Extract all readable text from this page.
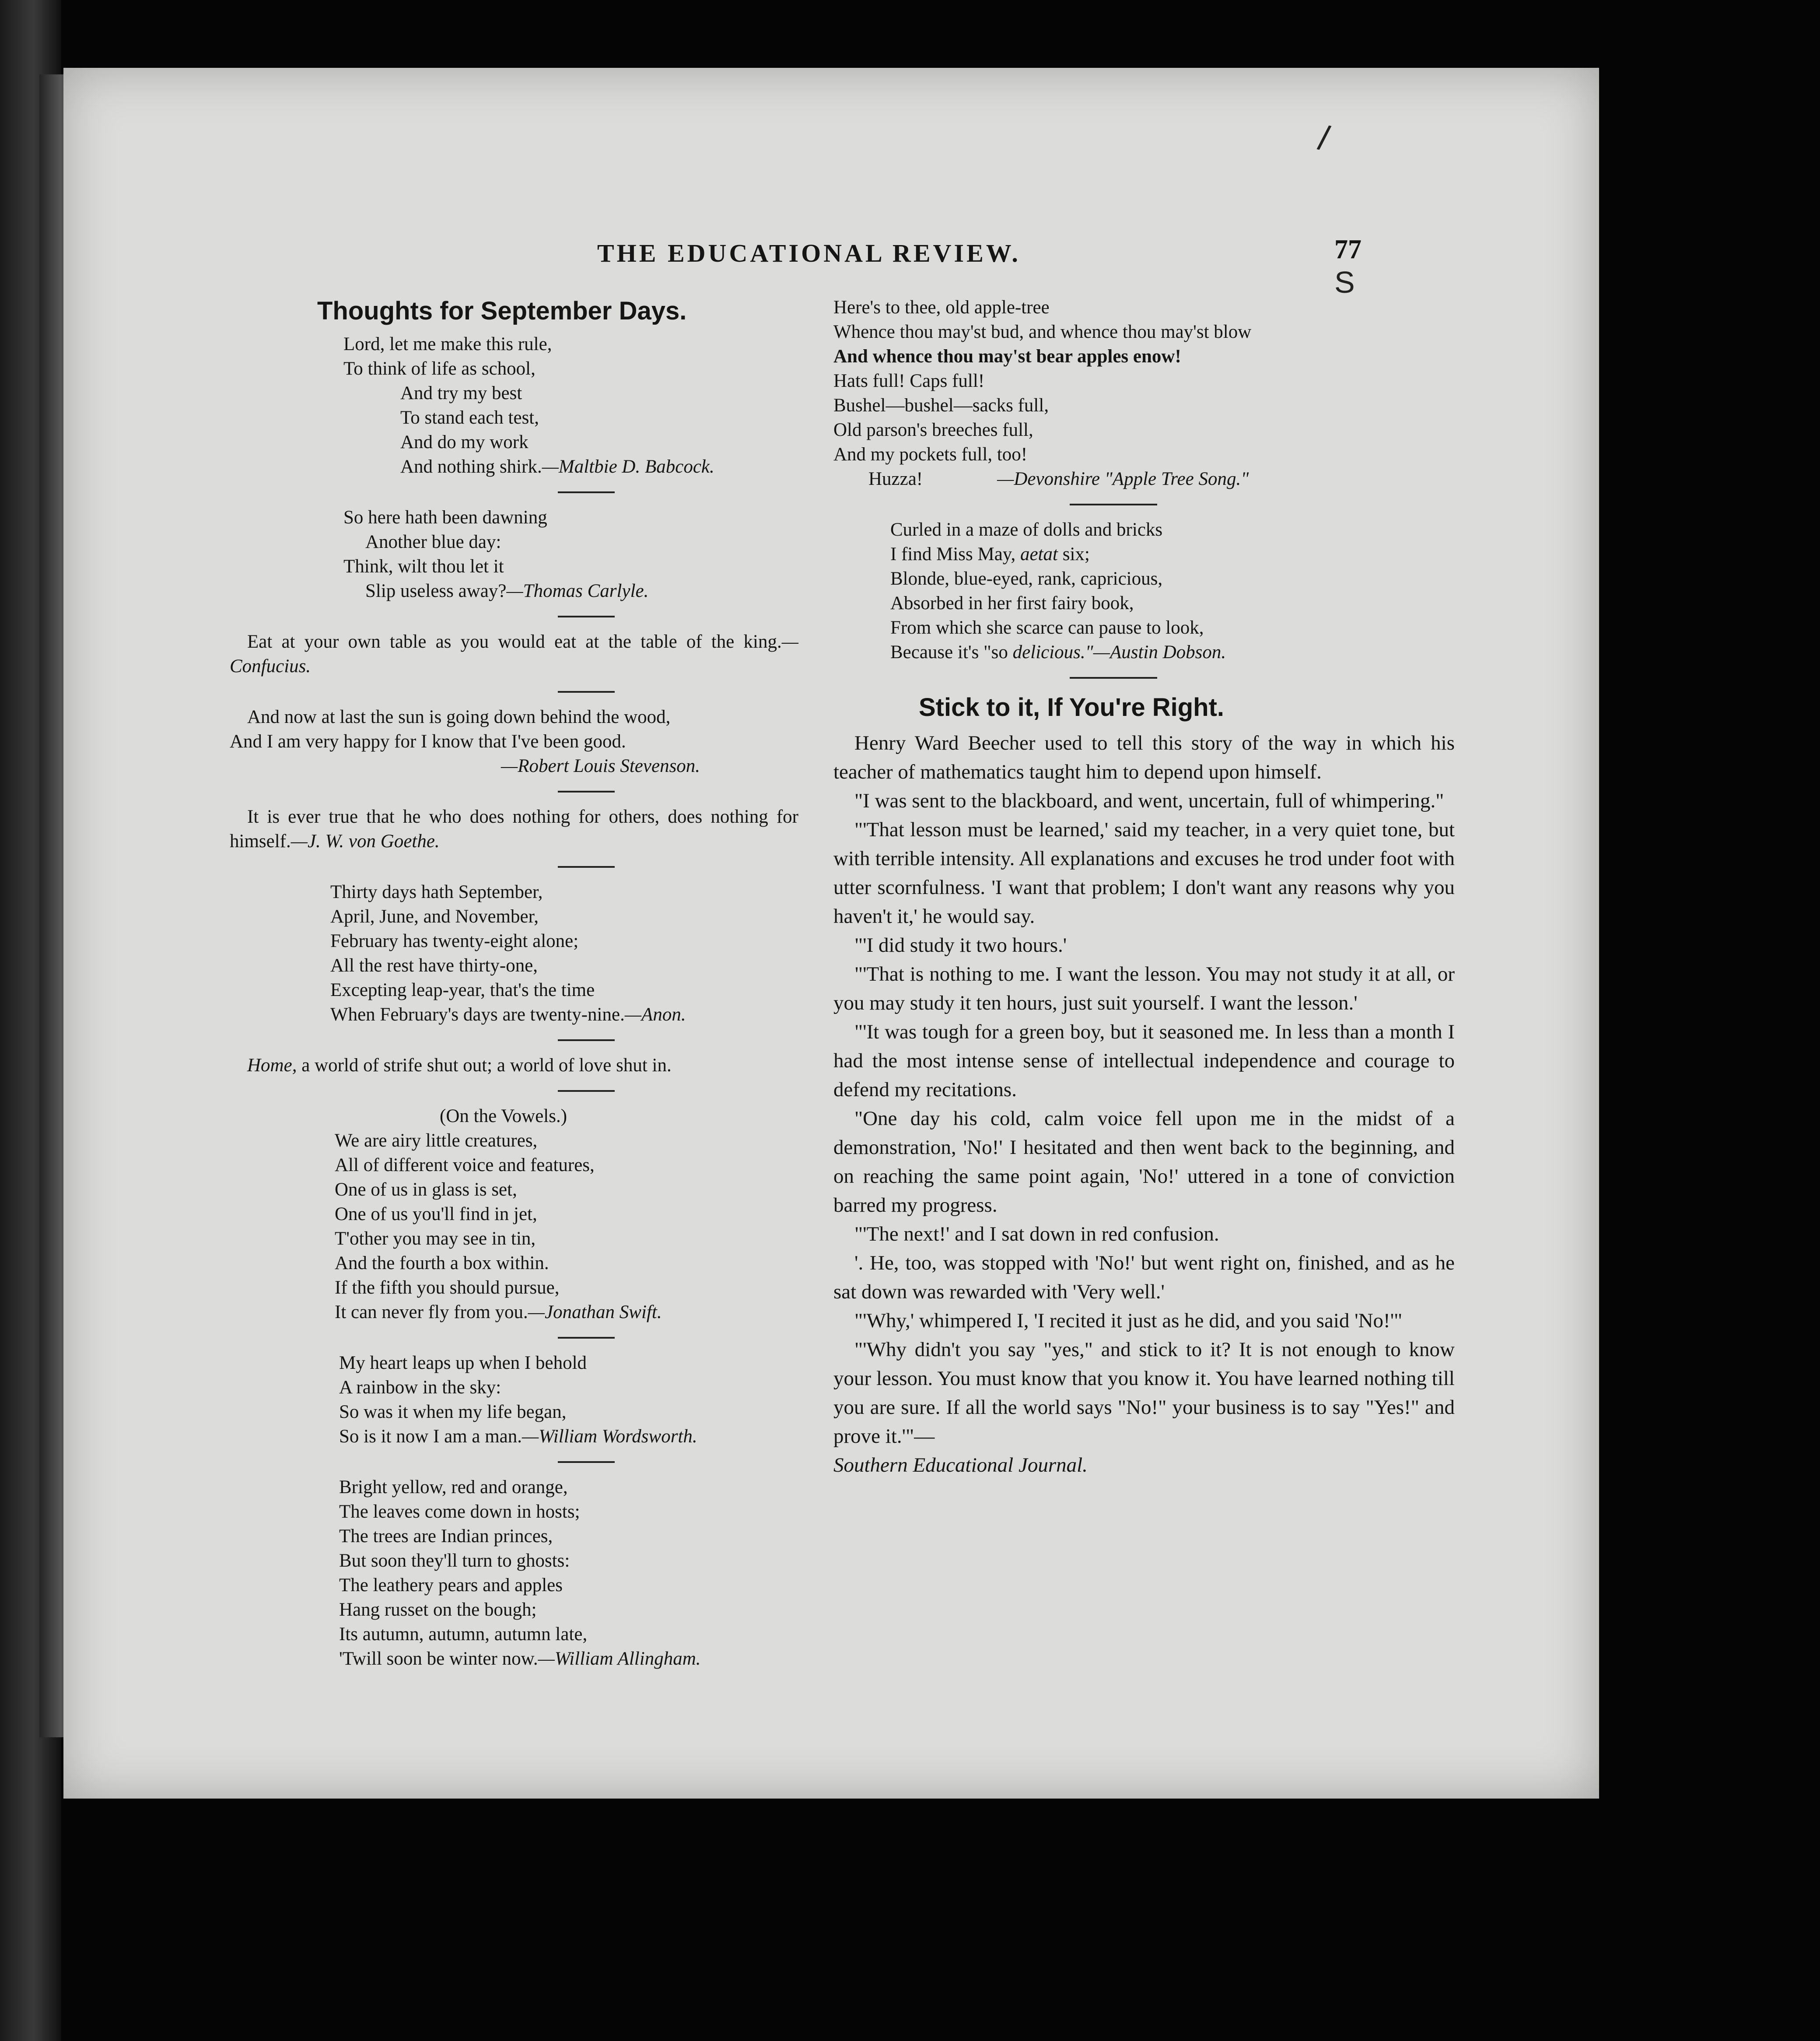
/
S
THE EDUCATIONAL REVIEW.	77
Thoughts for September Days.
Lord, let me make this rule,
To think of life as school,
And try my best
To stand each test,
And do my work
And nothing shirk.—Maltbie D. Babcock.
So here hath been dawning
Another blue day:
Think, wilt thou let it
Slip useless away?—Thomas Carlyle.

Eat at your own table as you would eat at the table of the king.—Confucius.

And now at last the sun is going down behind the wood,
And I am very happy for I know that I've been good.
—Robert Louis Stevenson.

It is ever true that he who does nothing for others, does nothing for himself.—J. W. von Goethe.

Thirty days hath September,
April, June, and November,
February has twenty-eight alone;
All the rest have thirty-one,
Excepting leap-year, that's the time
When February's days are twenty-nine.—Anon.

Home, a world of strife shut out; a world of love shut in.

(On the Vowels.)
We are airy little creatures,
All of different voice and features,
One of us in glass is set,
One of us you'll find in jet,
T'other you may see in tin,
And the fourth a box within.
If the fifth you should pursue,
It can never fly from you.—Jonathan Swift.
My heart leaps up when I behold
A rainbow in the sky:
So was it when my life began,
So is it now I am a man.—William Wordsworth.
Bright yellow, red and orange,
The leaves come down in hosts;
The trees are Indian princes,
But soon they'll turn to ghosts:
The leathery pears and apples
Hang russet on the bough;
Its autumn, autumn, autumn late,
'Twill soon be winter now.—William Allingham.
Here's to thee, old apple-tree
Whence thou may'st bud, and whence thou may'st blow
And whence thou may'st bear apples enow!
Hats full! Caps full!
Bushel—bushel—sacks full,
Old parson's breeches full,
And my pockets full, too!
Huzza!	—Devonshire "Apple Tree Song."
Curled in a maze of dolls and bricks
I find Miss May, aetat six;
Blonde, blue-eyed, rank, capricious,
Absorbed in her first fairy book,
From which she scarce can pause to look,
Because it's "so delicious."—Austin Dobson.
Stick to it, If You're Right.

Henry Ward Beecher used to tell this story of the way in which his teacher of mathematics taught him to depend upon himself.

"I was sent to the blackboard, and went, uncertain, full of whimpering."

"'That lesson must be learned,' said my teacher, in a very quiet tone, but with terrible intensity. All explanations and excuses he trod under foot with utter scornfulness. 'I want that problem; I don't want any reasons why you haven't it,' he would say.

"'I did study it two hours.'

"'That is nothing to me. I want the lesson. You may not study it at all, or you may study it ten hours, just suit yourself. I want the lesson.'

"'It was tough for a green boy, but it seasoned me. In less than a month I had the most intense sense of intellectual independence and courage to defend my recitations.

"One day his cold, calm voice fell upon me in the midst of a demonstration, 'No!' I hesitated and then went back to the beginning, and on reaching the same point again, 'No!' uttered in a tone of conviction barred my progress.

"'The next!' and I sat down in red confusion.

'. He, too, was stopped with 'No!' but went right on, finished, and as he sat down was rewarded with 'Very well.'

"'Why,' whimpered I, 'I recited it just as he did, and you said 'No!'"

"'Why didn't you say "yes," and stick to it? It is not enough to know your lesson. You must know that you know it. You have learned nothing till you are sure. If all the world says "No!" your business is to say "Yes!" and prove it.'"—

Southern Educational Journal.
